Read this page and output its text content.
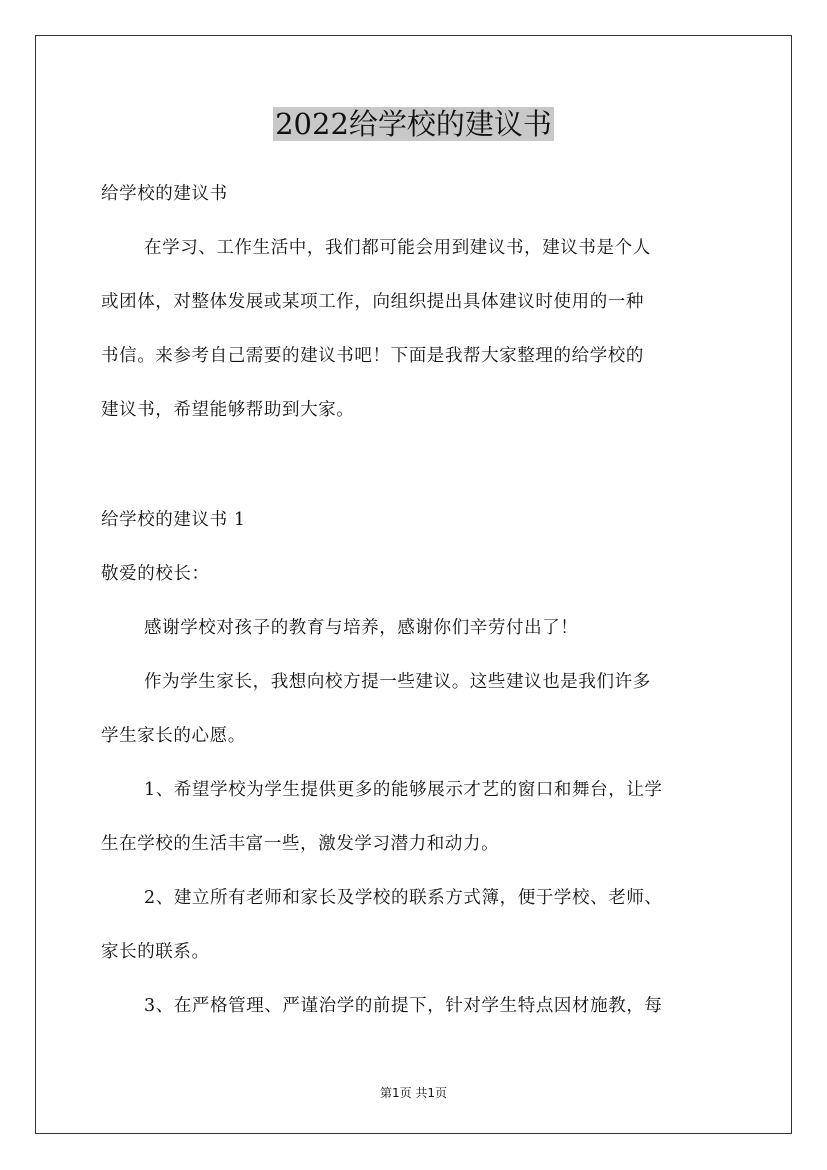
2022给学校的建议书
给学校的建议书
在学习、工作生活中，我们都可能会用到建议书，建议书是个人
或团体，对整体发展或某项工作，向组织提出具体建议时使用的一种
书信。来参考自己需要的建议书吧！下面是我帮大家整理的给学校的
建议书，希望能够帮助到大家。
给学校的建议书 1
敬爱的校长：
感谢学校对孩子的教育与培养，感谢你们辛劳付出了！
作为学生家长，我想向校方提一些建议。这些建议也是我们许多
学生家长的心愿。
1、希望学校为学生提供更多的能够展示才艺的窗口和舞台，让学
生在学校的生活丰富一些，激发学习潜力和动力。
2、建立所有老师和家长及学校的联系方式簿，便于学校、老师、
家长的联系。
3、在严格管理、严谨治学的前提下，针对学生特点因材施教，每
第1页 共1页
